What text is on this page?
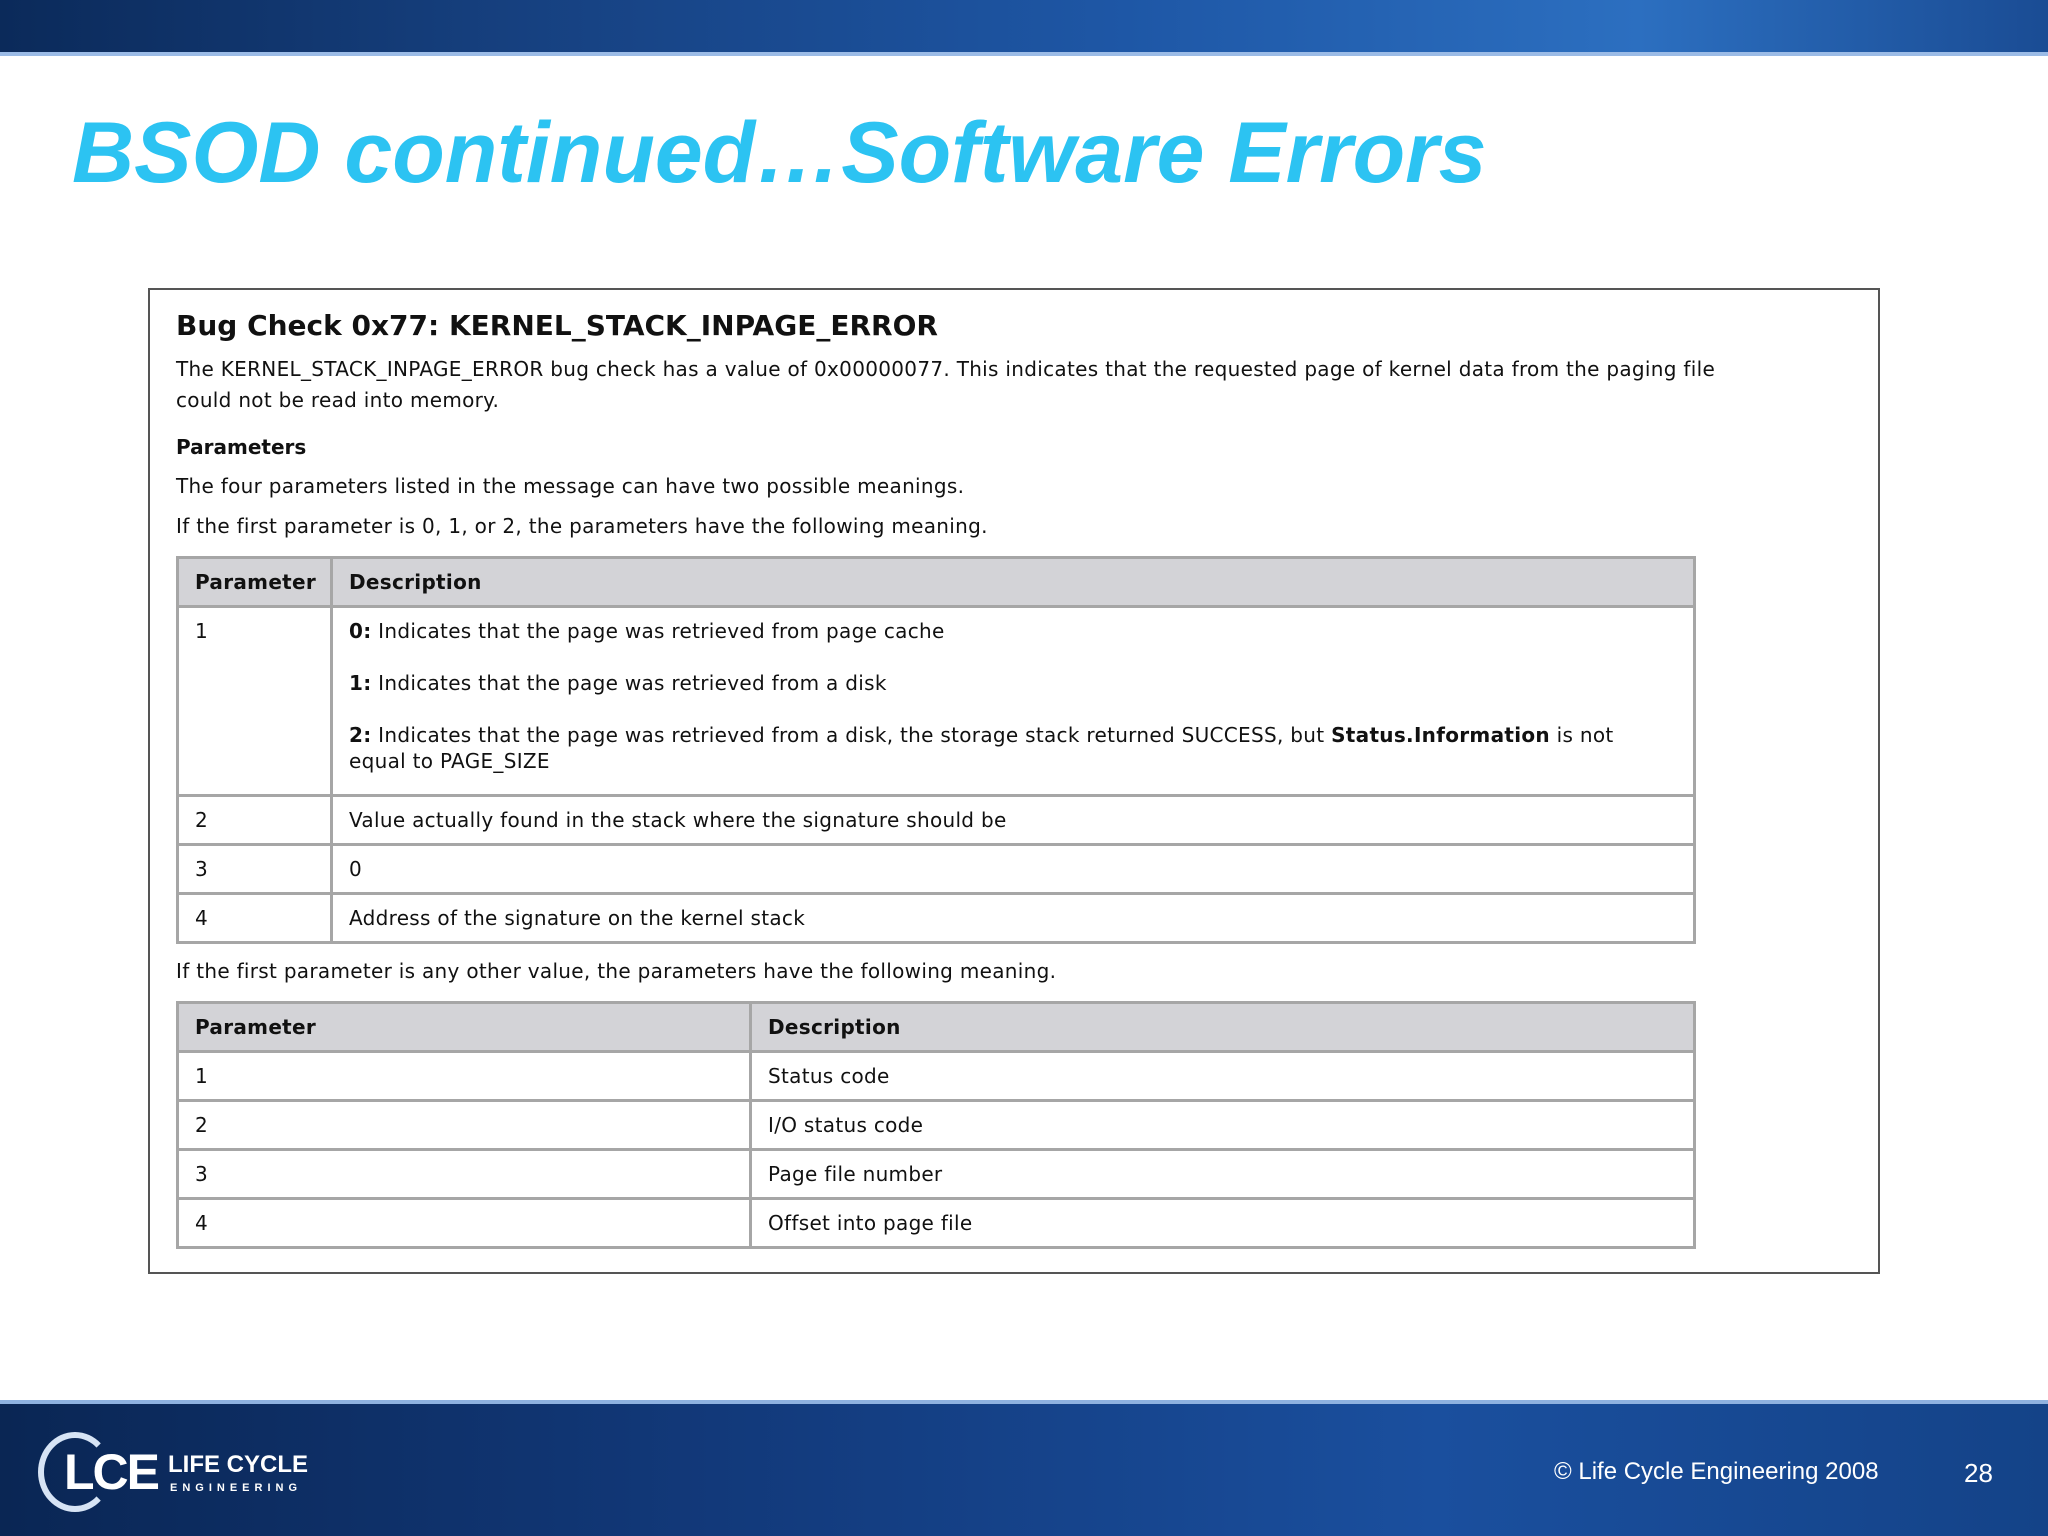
BSOD continued…Software Errors

Bug Check 0x77: KERNEL_STACK_INPAGE_ERROR

The KERNEL_STACK_INPAGE_ERROR bug check has a value of 0x00000077. This indicates that the requested page of kernel data from the paging file

could not be read into memory.

Parameters

The four parameters listed in the message can have two possible meanings.

If the first parameter is 0, 1, or 2, the parameters have the following meaning.

Parameter	Description
1	0: Indicates that the page was retrieved from page cache

1: Indicates that the page was retrieved from a disk

2: Indicates that the page was retrieved from a disk, the storage stack returned SUCCESS, but Status.Information is not equal to PAGE_SIZE

2	Value actually found in the stack where the signature should be
3	0
4	Address of the signature on the kernel stack

If the first parameter is any other value, the parameters have the following meaning.

Parameter	Description
1	Status code
2	I/O status code
3	Page file number
4	Offset into page file
LCE LIFE CYCLE
ENGINEERING
© Life Cycle Engineering 2008	28
